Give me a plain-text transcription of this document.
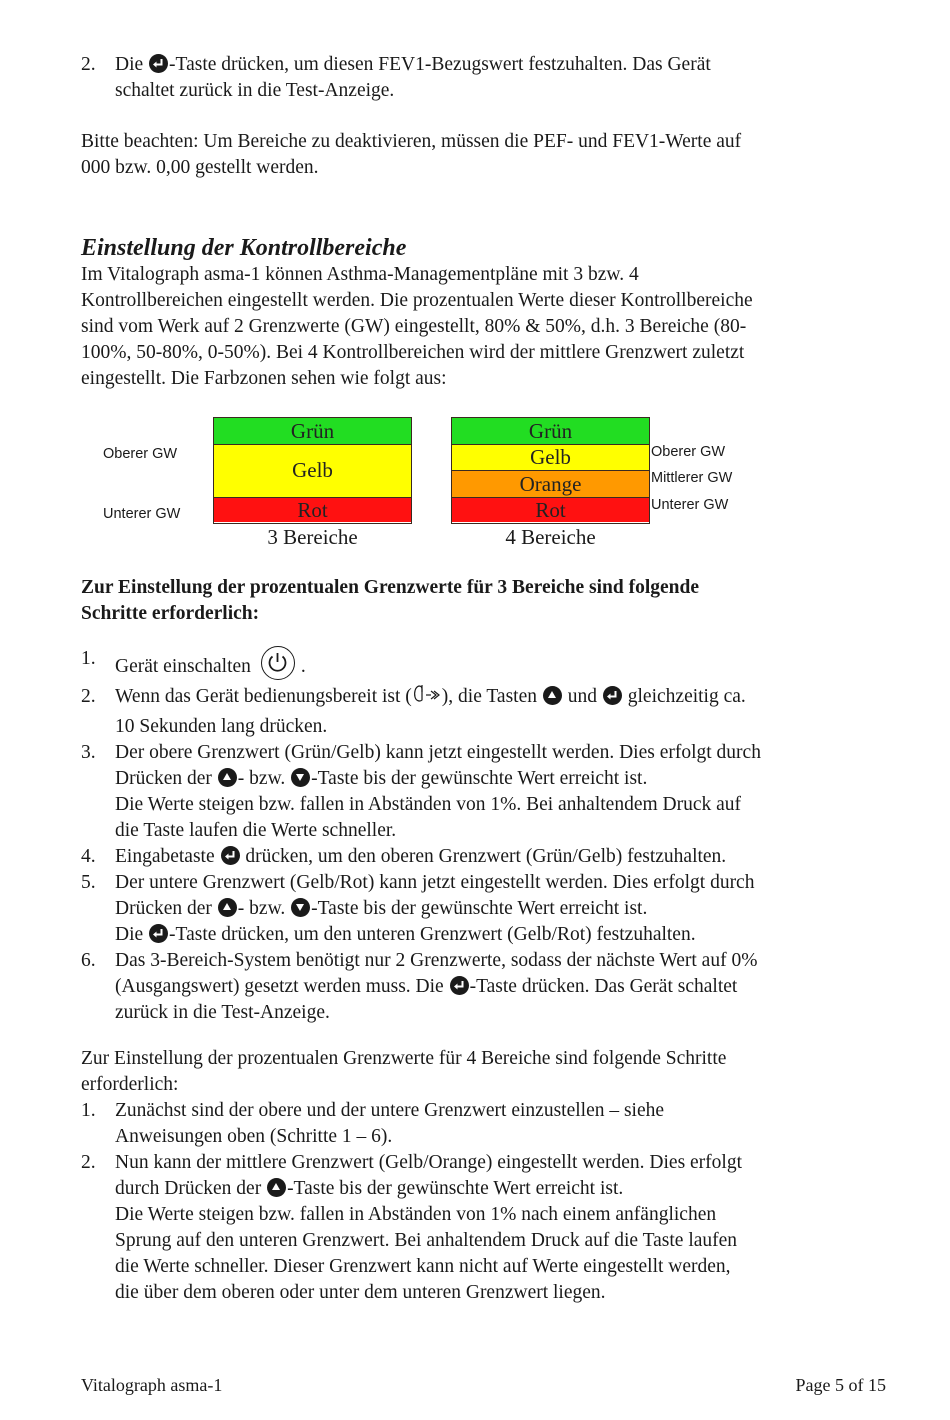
2. Die
-Taste drücken, um diesen FEV1-Bezugswert festzuhalten. Das Gerät
schaltet zurück in die Test-Anzeige.
Bitte beachten: Um Bereiche zu deaktivieren, müssen die PEF- und FEV1-Werte auf
000 bzw. 0,00 gestellt werden.
Einstellung der Kontrollbereiche
Im Vitalograph asma-1 können Asthma-Managementpläne mit 3 bzw. 4
Kontrollbereichen eingestellt werden. Die prozentualen Werte dieser Kontrollbereiche
sind vom Werk auf 2 Grenzwerte (GW) eingestellt, 80% & 50%, d.h. 3 Bereiche (80-
100%, 50-80%, 0-50%). Bei 4 Kontrollbereichen wird der mittlere Grenzwert zuletzt
eingestellt. Die Farbzonen sehen wie folgt aus:
Oberer GW
Unterer GW
Grün
Gelb
Rot
3 Bereiche
Grün
Gelb
Orange
Rot
Oberer GW
Mittlerer GW
Unterer GW
4 Bereiche
Zur Einstellung der prozentualen Grenzwerte für 3 Bereiche sind folgende
Schritte erforderlich:
1. Gerät einschalten	.
2. Wenn das Gerät bedienungsbereit ist ( ), die Tasten  und
gleichzeitig ca.
10 Sekunden lang drücken.
3. Der obere Grenzwert (Grün/Gelb) kann jetzt eingestellt werden. Dies erfolgt durch
Drücken der - bzw. -Taste bis der gewünschte Wert erreicht ist.
Die Werte steigen bzw. fallen in Abständen von 1%. Bei anhaltendem Druck auf
die Taste laufen die Werte schneller.
4. Eingabetaste
drücken, um den oberen Grenzwert (Grün/Gelb) festzuhalten.
5. Der untere Grenzwert (Gelb/Rot) kann jetzt eingestellt werden. Dies erfolgt durch
Drücken der - bzw. -Taste bis der gewünschte Wert erreicht ist.
Die
-Taste drücken, um den unteren Grenzwert (Gelb/Rot) festzuhalten.
6. Das 3-Bereich-System benötigt nur 2 Grenzwerte, sodass der nächste Wert auf 0%
(Ausgangswert) gesetzt werden muss. Die
-Taste drücken. Das Gerät schaltet
zurück in die Test-Anzeige.
Zur Einstellung der prozentualen Grenzwerte für 4 Bereiche sind folgende Schritte
erforderlich:
1. Zunächst sind der obere und der untere Grenzwert einzustellen – siehe
Anweisungen oben (Schritte 1 – 6).
2. Nun kann der mittlere Grenzwert (Gelb/Orange) eingestellt werden. Dies erfolgt
durch Drücken der -Taste bis der gewünschte Wert erreicht ist.
Die Werte steigen bzw. fallen in Abständen von 1% nach einem anfänglichen
Sprung auf den unteren Grenzwert. Bei anhaltendem Druck auf die Taste laufen
die Werte schneller. Dieser Grenzwert kann nicht auf Werte eingestellt werden,
die über dem oberen oder unter dem unteren Grenzwert liegen.
Vitalograph asma-1	Page 5 of 15
